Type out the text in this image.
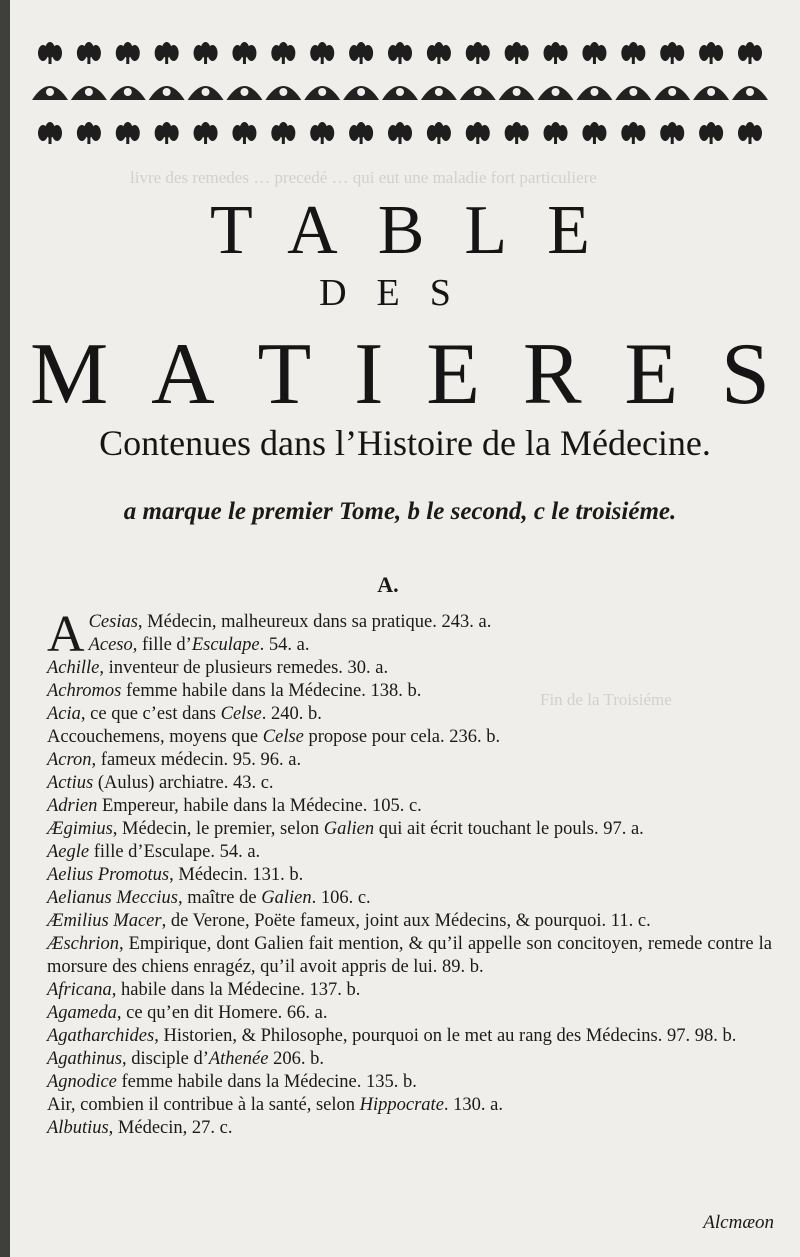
livre des remedes … precedé … qui eut une maladie fort particuliere
Fin de la Troisiéme
TABLE
DES
M A T I E R E S
Contenues dans l’Histoire de la Médecine.
a marque le premier Tome, b le second, c le troisiéme.
A.
A Cesias, Médecin, malheureux dans sa pratique. 243. a.
Aceso, fille d’Esculape. 54. a.
Achille, inventeur de plusieurs remedes. 30. a.
Achromos femme habile dans la Médecine. 138. b.
Acia, ce que c’est dans Celse. 240. b.
Accouchemens, moyens que Celse propose pour cela. 236. b.
Acron, fameux médecin. 95. 96. a.
Actius (Aulus) archiatre. 43. c.
Adrien Empereur, habile dans la Médecine. 105. c.
Ægimius, Médecin, le premier, selon Galien qui ait écrit touchant le pouls. 97. a.
Aegle fille d’Esculape. 54. a.
Aelius Promotus, Médecin. 131. b.
Aelianus Meccius, maître de Galien. 106. c.
Æmilius Macer, de Verone, Poëte fameux, joint aux Médecins, & pourquoi. 11. c.
Æschrion, Empirique, dont Galien fait mention, & qu’il appelle son concitoyen, remede contre la morsure des chiens enragéz, qu’il avoit appris de lui. 89. b.
Africana, habile dans la Médecine. 137. b.
Agameda, ce qu’en dit Homere. 66. a.
Agatharchides, Historien, & Philosophe, pourquoi on le met au rang des Médecins. 97. 98. b.
Agathinus, disciple d’Athenée 206. b.
Agnodice femme habile dans la Médecine. 135. b.
Air, combien il contribue à la santé, selon Hippocrate. 130. a.
Albutius, Médecin, 27. c.
Alcmæon
